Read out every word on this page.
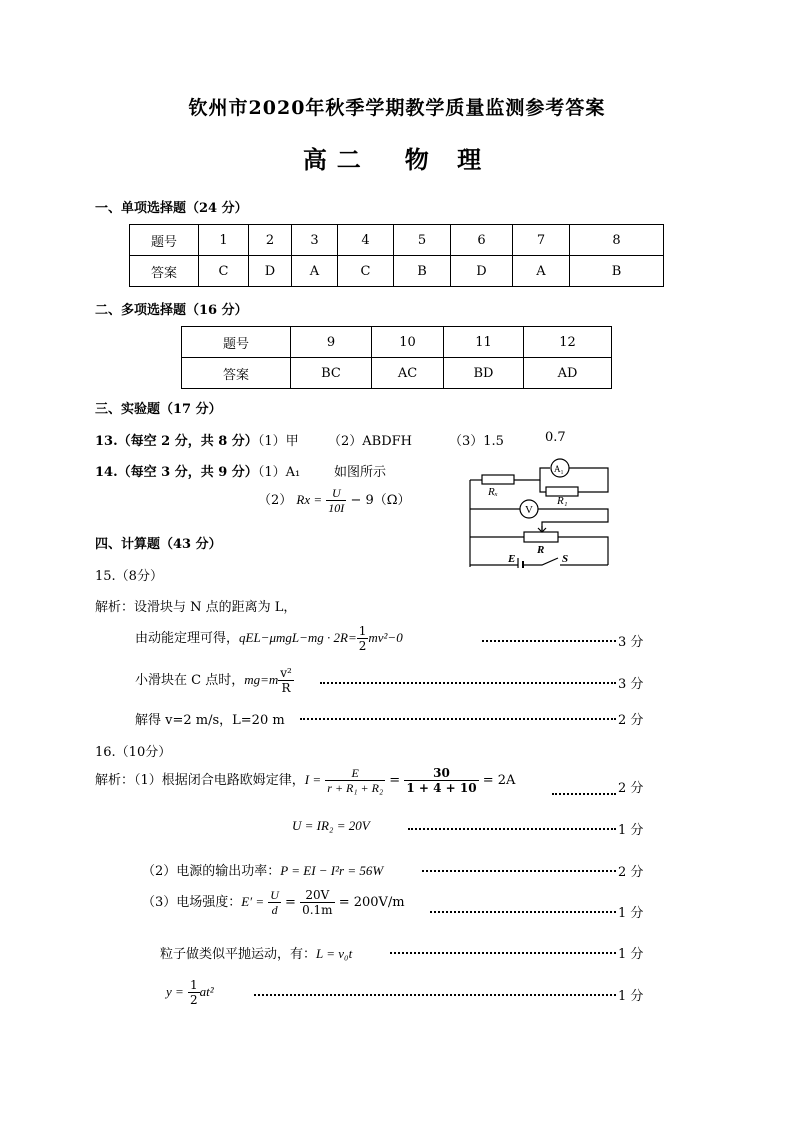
钦州市2020年秋季学期教学质量监测参考答案
高二　物 理
一、单项选择题（24 分）
题号	1	2	3	4	5	6	7	8
答案	C	D	A	C	B	D	A	B
二、多项选择题（16 分）
题号	9	10	11	12
答案	BC	AC	BD	AD
三、实验题（17 分）
13.（每空 2 分，共 8 分）（1）甲 （2）ABDFH	（3）1.5	0.7
14.（每空 3 分，共 9 分）（1）A₁	如图所示
（2） $Rx = \frac{U}{10I} - 9(\Omega)$
Rₓ
R₁
A₁
V
R
E	S
四、计算题（43 分）
15.（8分）
解析：设滑块与 N 点的距离为 L，
由动能定理可得，$qEL-\mu mgL-mg \cdot 2R= \frac{1}{2} mv^2-0$	3 分
小滑块在 C 点时，$mg=m \frac{\text{v²}}{R}$	3 分
解得 v=2 m/s，L=20 m	2 分
16.（10分）
解析：（1）根据闭合电路欧姆定律，$I = \frac{E}{\text{r + R₁ + R₂}} = \frac{30}{1 + 4 + 10} = 2A$
2 分
U = IR₂ = 20V	1 分
（2）电源的输出功率：P = EI − I²r = 56W	2 分
（3）电场强度：$E' = \frac{U}{d} = \frac{20V}{0.1m} = 200V/m$
1 分
粒子做类似平抛运动，有：L = v₀t	1 分
$y = \frac{1}{2} at^2$	1 分
